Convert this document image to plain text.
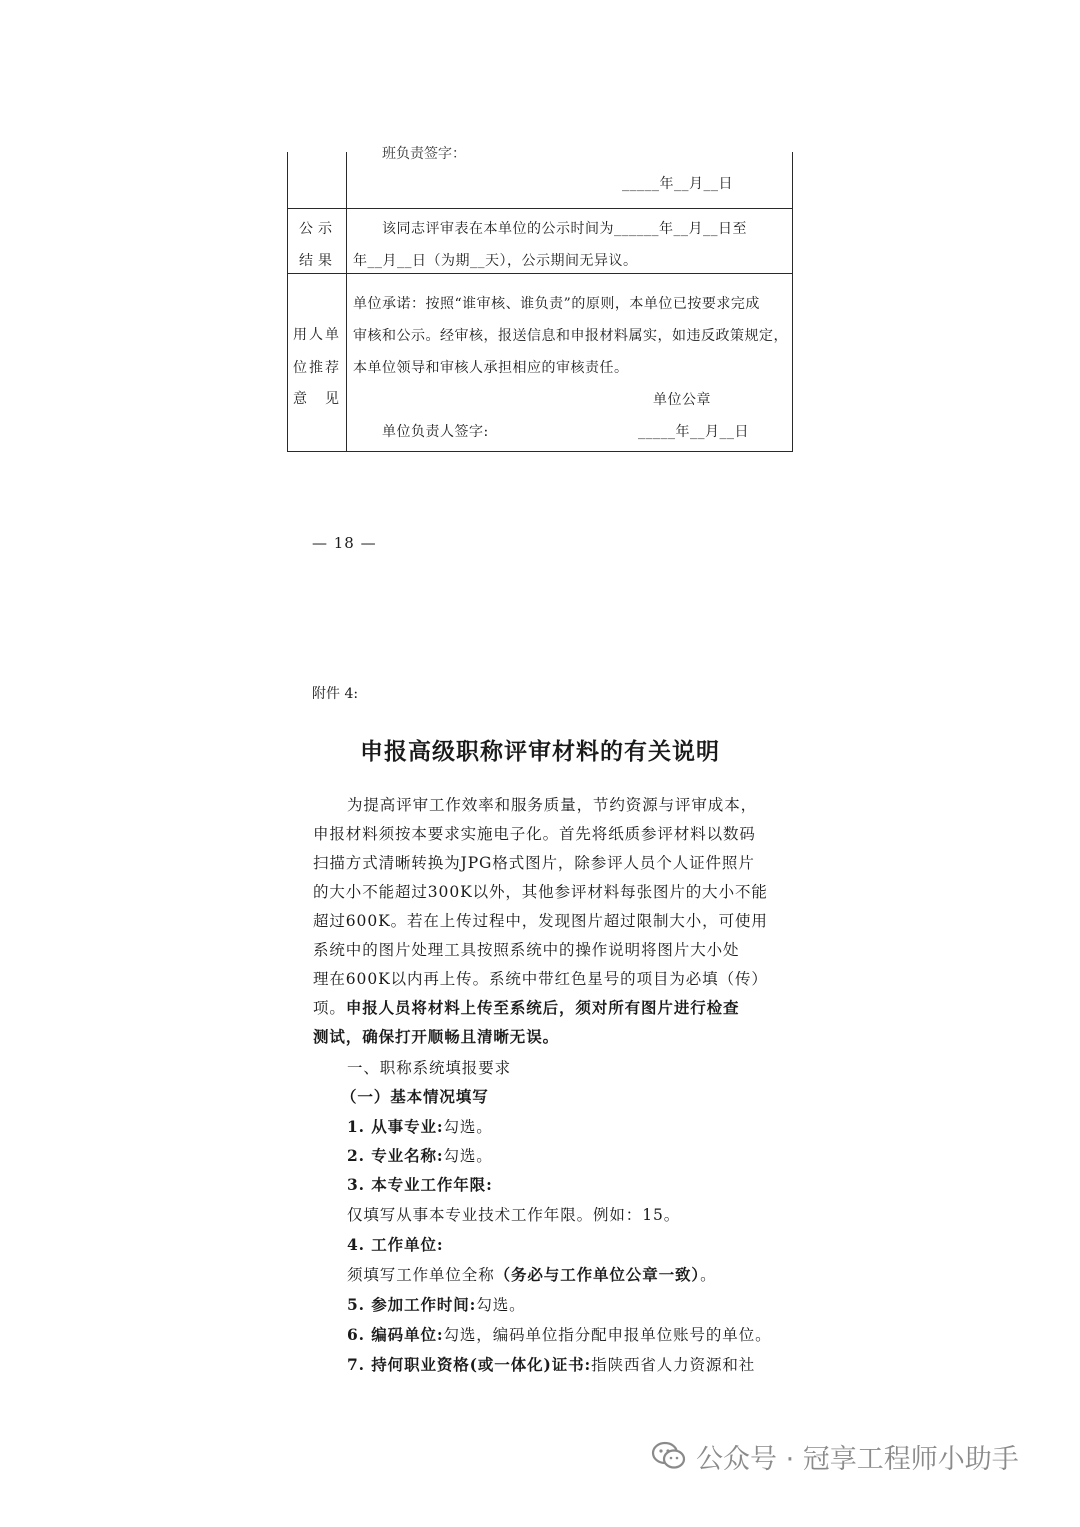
班负责签字：
_____年__月__日
公示
结果
该同志评审表在本单位的公示时间为______年__月__日至
年__月__日（为期__天），公示期间无异议。
用人单
位推荐
意见
单位承诺：按照“谁审核、谁负责”的原则，本单位已按要求完成
审核和公示。经审核，报送信息和申报材料属实，如违反政策规定，
本单位领导和审核人承担相应的审核责任。
单位公章
单位负责人签字:	_____年__月__日
— 18 —
附件 4:
申报高级职称评审材料的有关说明
为提高评审工作效率和服务质量，节约资源与评审成本，
申报材料须按本要求实施电子化。首先将纸质参评材料以数码
扫描方式清晰转换为JPG格式图片，除参评人员个人证件照片
的大小不能超过300K以外，其他参评材料每张图片的大小不能
超过600K。若在上传过程中，发现图片超过限制大小，可使用
系统中的图片处理工具按照系统中的操作说明将图片大小处
理在600K以内再上传。系统中带红色星号的项目为必填（传）
项。申报人员将材料上传至系统后，须对所有图片进行检查
测试，确保打开顺畅且清晰无误。
一、职称系统填报要求
（一）基本情况填写
1. 从事专业:勾选。
2. 专业名称:勾选。
3. 本专业工作年限:
仅填写从事本专业技术工作年限。例如：15。
4. 工作单位:
须填写工作单位全称（务必与工作单位公章一致）。
5. 参加工作时间:勾选。
6. 编码单位:勾选，编码单位指分配申报单位账号的单位。
7. 持何职业资格(或一体化)证书:指陕西省人力资源和社
公众号 · 冠享工程师小助手
